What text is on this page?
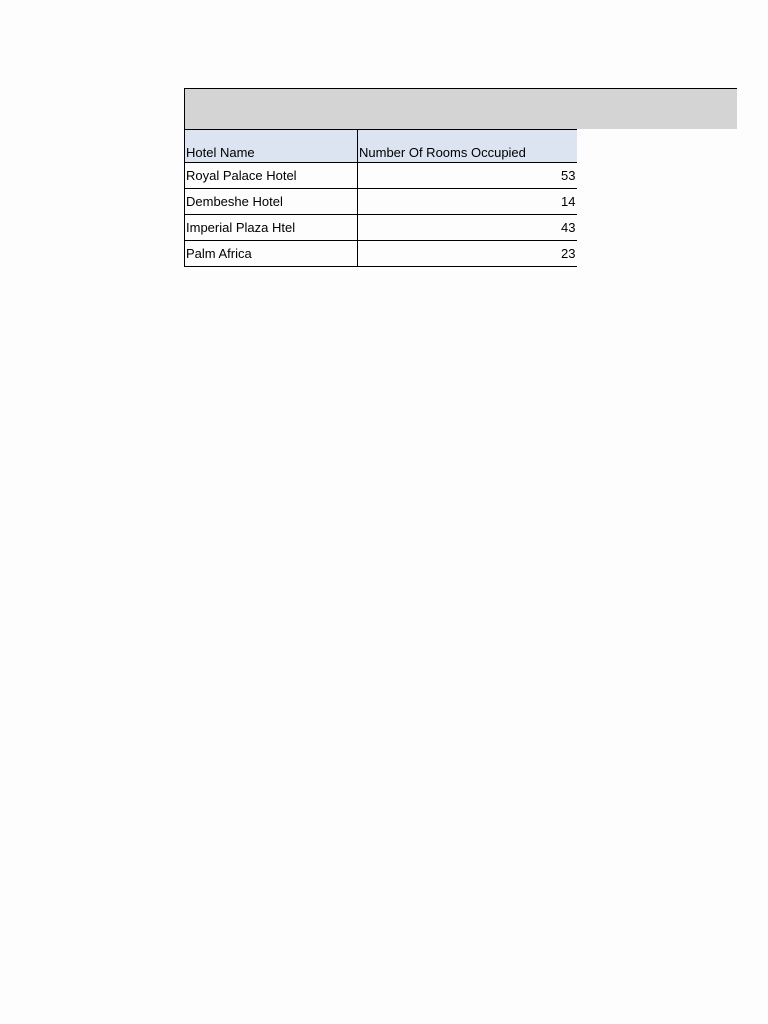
Hotel Name	Number Of Rooms Occupied
Royal Palace Hotel	53
Dembeshe Hotel	14
Imperial Plaza Htel	43
Palm Africa	23
